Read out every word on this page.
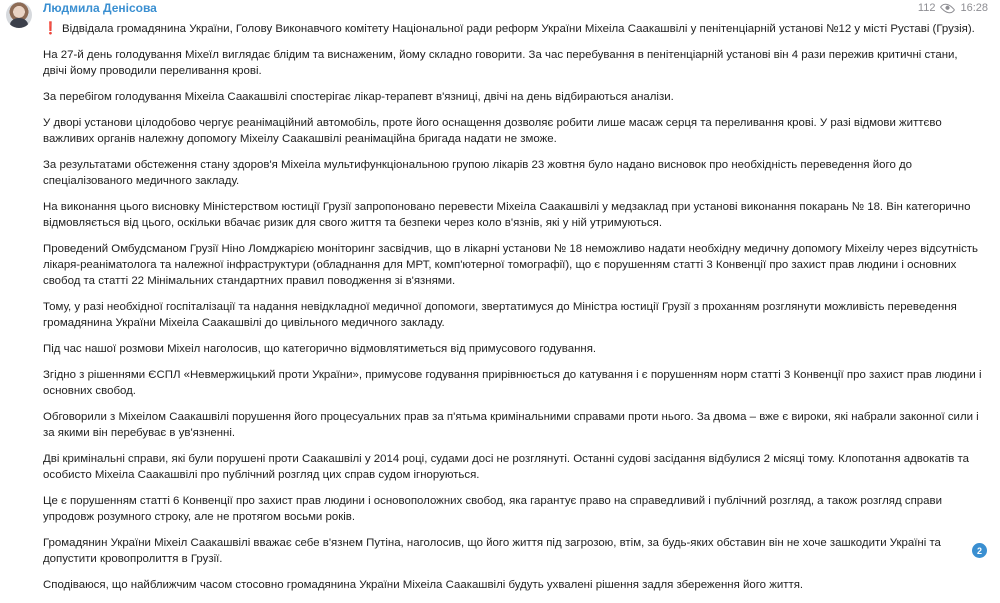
Людмила Денісова	112 16:28

❗ Відвідала громадянина України, Голову Виконавчого комітету Національної ради реформ України Міхеіла Саакашвілі у пенітенціарній установі №12 у місті Руставі (Грузія).

На 27-й день голодування Міхеїл виглядає блідим та виснаженим, йому складно говорити. За час перебування в пенітенціарній установі він 4 рази пережив критичні стани, двічі йому проводили переливання крові.

За перебігом голодування Міхеіла Саакашвілі спостерігає лікар-терапевт в'язниці, двічі на день відбираються аналізи.

У дворі установи цілодобово чергує реанімаційний автомобіль, проте його оснащення дозволяє робити лише масаж серця та переливання крові. У разі відмови життєво важливих органів належну допомогу Міхеілу Саакашвілі реанімаційна бригада надати не зможе.

За результатами обстеження стану здоров'я Міхеіла мультифункціональною групою лікарів 23 жовтня було надано висновок про необхідність переведення його до спеціалізованого медичного закладу.

На виконання цього висновку Міністерством юстиції Грузії запропоновано перевести Міхеіла Саакашвілі у медзаклад при установі виконання покарань № 18. Він категорично відмовляється від цього, оскільки вбачає ризик для свого життя та безпеки через коло в'язнів, які у ній утримуються.

Проведений Омбудсманом Грузії Ніно Ломджарією моніторинг засвідчив, що в лікарні установи № 18 неможливо надати необхідну медичну допомогу Міхеілу через відсутність лікаря-реаніматолога та належної інфраструктури (обладнання для МРТ, комп'ютерної томографії), що є порушенням статті 3 Конвенції про захист прав людини і основних свобод та статті 22 Мінімальних стандартних правил поводження зі в'язнями.

Тому, у разі необхідної госпіталізації та надання невідкладної медичної допомоги, звертатимуся до Міністра юстиції Грузії з проханням розглянути можливість переведення громадянина України Міхеіла Саакашвілі до цивільного медичного закладу.

Під час нашої розмови Міхеіл наголосив, що категорично відмовлятиметься від примусового годування.

Згідно з рішеннями ЄСПЛ «Невмержицький проти України», примусове годування прирівнюється до катування і є порушенням норм статті 3 Конвенції про захист прав людини і основних свобод.

Обговорили з Міхеілом Саакашвілі порушення його процесуальних прав за п'ятьма кримінальними справами проти нього. За двома – вже є вироки, які набрали законної сили і за якими він перебуває в ув'язненні.

Дві кримінальні справи, які були порушені проти Саакашвілі у 2014 році, судами досі не розглянуті. Останні судові засідання відбулися 2 місяці тому. Клопотання адвокатів та особисто Міхеіла Саакашвілі про публічний розгляд цих справ судом ігноруються.

Це є порушенням статті 6 Конвенції про захист прав людини і основоположних свобод, яка гарантує право на справедливий і публічний розгляд, а також розгляд справи упродовж розумного строку, але не протягом восьми років.

Громадянин України Міхеіл Саакашвілі вважає себе в'язнем Путіна, наголосив, що його життя під загрозою, втім, за будь-яких обставин він не хоче зашкодити Україні та допустити кровопролиття в Грузії.

Сподіваюся, що найближчим часом стосовно громадянина України Міхеіла Саакашвілі будуть ухвалені рішення задля збереження його життя.

2
